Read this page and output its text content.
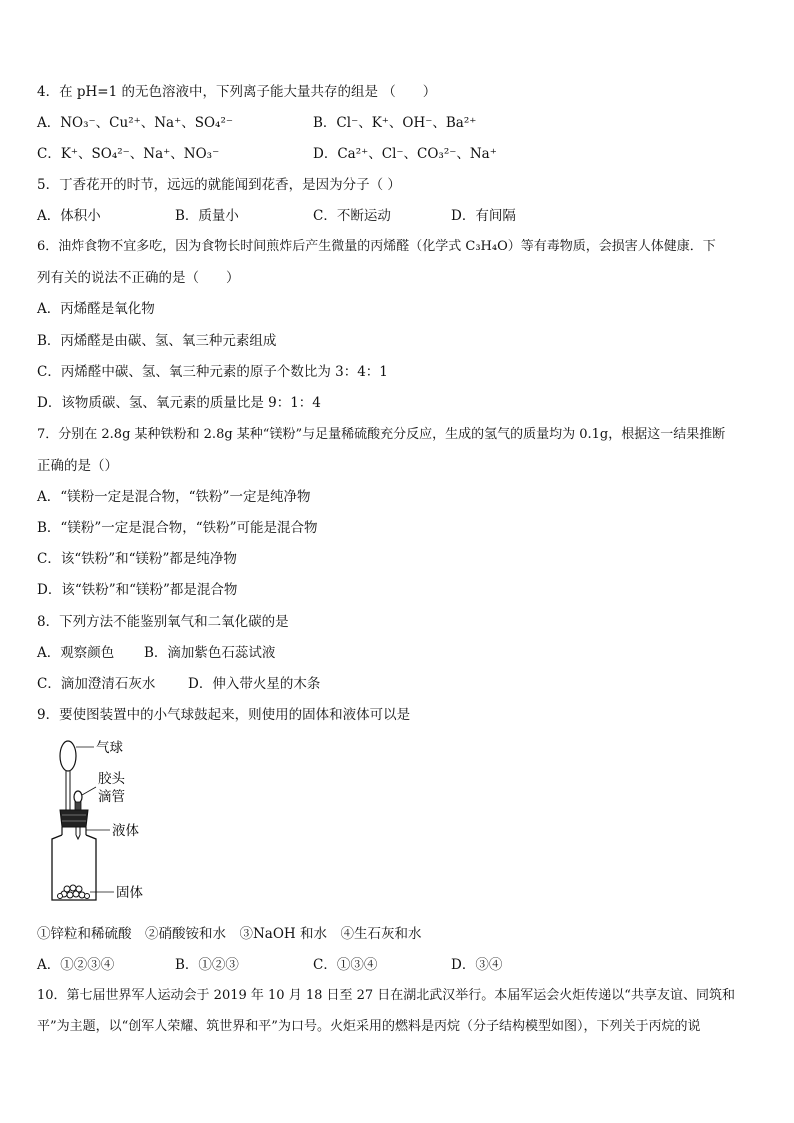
4．在 pH=1 的无色溶液中，下列离子能大量共存的组是 （　　）
A．NO₃⁻、Cu²⁺、Na⁺、SO₄²⁻	B．Cl⁻、K⁺、OH⁻、Ba²⁺
C．K⁺、SO₄²⁻、Na⁺、NO₃⁻	D．Ca²⁺、Cl⁻、CO₃²⁻、Na⁺
5．丁香花开的时节，远远的就能闻到花香，是因为分子（ ）
A．体积小	B．质量小	C．不断运动	D．有间隔
6．油炸食物不宜多吃，因为食物长时间煎炸后产生微量的丙烯醛（化学式 C₃H₄O）等有毒物质，会损害人体健康．下
列有关的说法不正确的是（　　）
A．丙烯醛是氧化物
B．丙烯醛是由碳、氢、氧三种元素组成
C．丙烯醛中碳、氢、氧三种元素的原子个数比为 3：4：1
D．该物质碳、氢、氧元素的质量比是 9：1：4
7．分别在 2.8g 某种铁粉和 2.8g 某种“镁粉”与足量稀硫酸充分反应，生成的氢气的质量均为 0.1g，根据这一结果推断
正确的是（）
A．“镁粉一定是混合物，“铁粉”一定是纯净物
B．“镁粉”一定是混合物，“铁粉”可能是混合物
C．该“铁粉”和“镁粉”都是纯净物
D．该“铁粉”和“镁粉”都是混合物
8．下列方法不能鉴别氧气和二氧化碳的是
A．观察颜色 B．滴加紫色石蕊试液
C．滴加澄清石灰水 D．伸入带火星的木条
9．要使图装置中的小气球鼓起来，则使用的固体和液体可以是
气球
胶头
滴管
液体
固体
①锌粒和稀硫酸　②硝酸铵和水　③NaOH 和水　④生石灰和水
A．①②③④	B．①②③	C．①③④	D．③④
10．第七届世界军人运动会于 2019 年 10 月 18 日至 27 日在湖北武汉举行。本届军运会火炬传递以“共享友谊、同筑和
平”为主题，以“创军人荣耀、筑世界和平”为口号。火炬采用的燃料是丙烷（分子结构模型如图），下列关于丙烷的说
